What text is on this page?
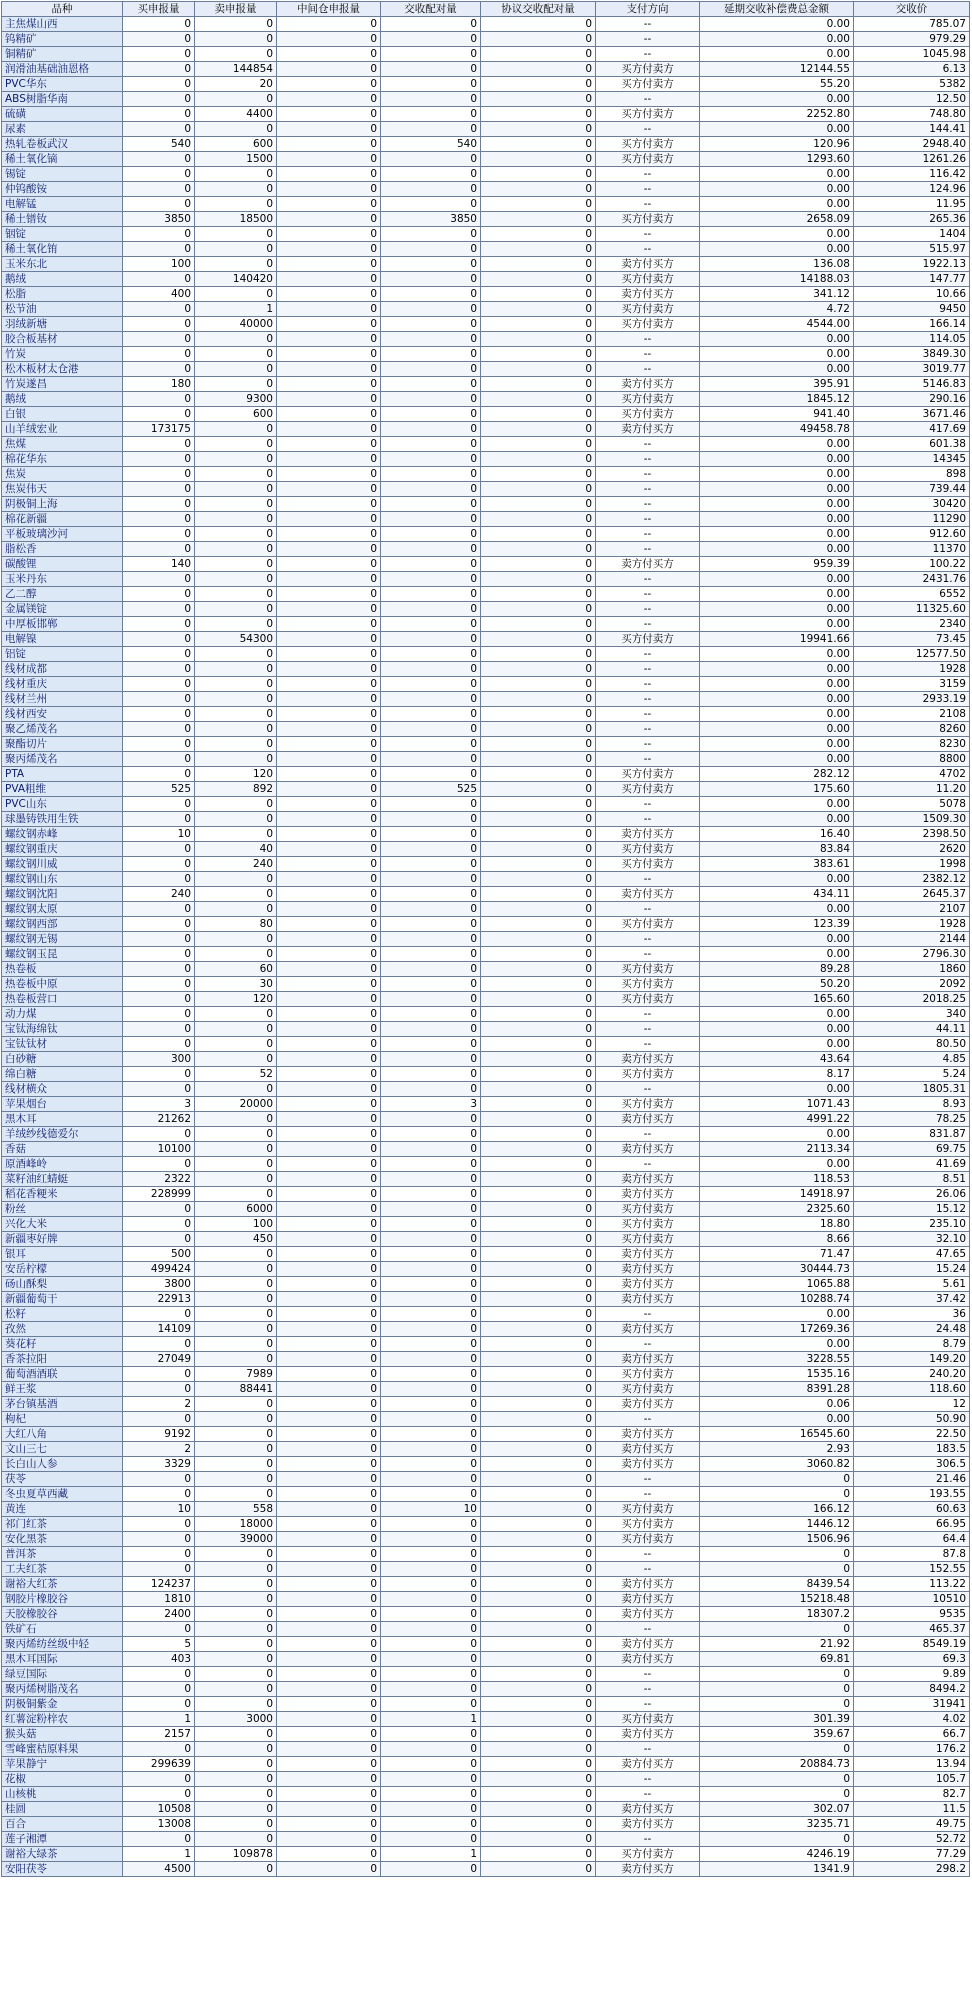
品种	买申报量	卖申报量	中间仓申报量	交收配对量	协议交收配对量	支付方向	延期交收补偿费总金额	交收价
主焦煤山西	0	0	0	0	0	--	0.00	785.07
钨精矿	0	0	0	0	0	--	0.00	979.29
铜精矿	0	0	0	0	0	--	0.00	1045.98
润滑油基础油恩格	0	144854	0	0	0	买方付卖方	12144.55	6.13
PVC华东	0	20	0	0	0	买方付卖方	55.20	5382
ABS树脂华南	0	0	0	0	0	--	0.00	12.50
硫磺	0	4400	0	0	0	买方付卖方	2252.80	748.80
尿素	0	0	0	0	0	--	0.00	144.41
热轧卷板武汉	540	600	0	540	0	买方付卖方	120.96	2948.40
稀土氧化镝	0	1500	0	0	0	买方付卖方	1293.60	1261.26
锡锭	0	0	0	0	0	--	0.00	116.42
仲钨酸铵	0	0	0	0	0	--	0.00	124.96
电解锰	0	0	0	0	0	--	0.00	11.95
稀土镨钕	3850	18500	0	3850	0	买方付卖方	2658.09	265.36
铟锭	0	0	0	0	0	--	0.00	1404
稀土氧化铕	0	0	0	0	0	--	0.00	515.97
玉米东北	100	0	0	0	0	卖方付买方	136.08	1922.13
鹅绒	0	140420	0	0	0	买方付卖方	14188.03	147.77
松脂	400	0	0	0	0	卖方付买方	341.12	10.66
松节油	0	1	0	0	0	买方付卖方	4.72	9450
羽绒新塘	0	40000	0	0	0	买方付卖方	4544.00	166.14
胶合板基材	0	0	0	0	0	--	0.00	114.05
竹炭	0	0	0	0	0	--	0.00	3849.30
松木板材太仓港	0	0	0	0	0	--	0.00	3019.77
竹炭遂昌	180	0	0	0	0	卖方付买方	395.91	5146.83
鹅绒	0	9300	0	0	0	买方付卖方	1845.12	290.16
白银	0	600	0	0	0	买方付卖方	941.40	3671.46
山羊绒宏业	173175	0	0	0	0	卖方付买方	49458.78	417.69
焦煤	0	0	0	0	0	--	0.00	601.38
棉花华东	0	0	0	0	0	--	0.00	14345
焦炭	0	0	0	0	0	--	0.00	898
焦炭伟天	0	0	0	0	0	--	0.00	739.44
阴极铜上海	0	0	0	0	0	--	0.00	30420
棉花新疆	0	0	0	0	0	--	0.00	11290
平板玻璃沙河	0	0	0	0	0	--	0.00	912.60
脂松香	0	0	0	0	0	--	0.00	11370
碳酸锂	140	0	0	0	0	卖方付买方	959.39	100.22
玉米丹东	0	0	0	0	0	--	0.00	2431.76
乙二醇	0	0	0	0	0	--	0.00	6552
金属镁锭	0	0	0	0	0	--	0.00	11325.60
中厚板邯郸	0	0	0	0	0	--	0.00	2340
电解镍	0	54300	0	0	0	买方付卖方	19941.66	73.45
铝锭	0	0	0	0	0	--	0.00	12577.50
线材成都	0	0	0	0	0	--	0.00	1928
线材重庆	0	0	0	0	0	--	0.00	3159
线材兰州	0	0	0	0	0	--	0.00	2933.19
线材西安	0	0	0	0	0	--	0.00	2108
聚乙烯茂名	0	0	0	0	0	--	0.00	8260
聚酯切片	0	0	0	0	0	--	0.00	8230
聚丙烯茂名	0	0	0	0	0	--	0.00	8800
PTA	0	120	0	0	0	买方付卖方	282.12	4702
PVA粗维	525	892	0	525	0	买方付卖方	175.60	11.20
PVC山东	0	0	0	0	0	--	0.00	5078
球墨铸铁用生铁	0	0	0	0	0	--	0.00	1509.30
螺纹钢赤峰	10	0	0	0	0	卖方付买方	16.40	2398.50
螺纹钢重庆	0	40	0	0	0	买方付卖方	83.84	2620
螺纹钢川威	0	240	0	0	0	买方付卖方	383.61	1998
螺纹钢山东	0	0	0	0	0	--	0.00	2382.12
螺纹钢沈阳	240	0	0	0	0	卖方付买方	434.11	2645.37
螺纹钢太原	0	0	0	0	0	--	0.00	2107
螺纹钢西部	0	80	0	0	0	买方付卖方	123.39	1928
螺纹钢无锡	0	0	0	0	0	--	0.00	2144
螺纹钢玉昆	0	0	0	0	0	--	0.00	2796.30
热卷板	0	60	0	0	0	买方付卖方	89.28	1860
热卷板中原	0	30	0	0	0	买方付卖方	50.20	2092
热卷板营口	0	120	0	0	0	买方付卖方	165.60	2018.25
动力煤	0	0	0	0	0	--	0.00	340
宝钛海绵钛	0	0	0	0	0	--	0.00	44.11
宝钛钛材	0	0	0	0	0	--	0.00	80.50
白砂糖	300	0	0	0	0	卖方付买方	43.64	4.85
绵白糖	0	52	0	0	0	买方付卖方	8.17	5.24
线材横众	0	0	0	0	0	--	0.00	1805.31
苹果烟台	3	20000	0	3	0	买方付卖方	1071.43	8.93
黑木耳	21262	0	0	0	0	卖方付买方	4991.22	78.25
羊绒纱线德爱尔	0	0	0	0	0	--	0.00	831.87
香菇	10100	0	0	0	0	卖方付买方	2113.34	69.75
原酒峰岭	0	0	0	0	0	--	0.00	41.69
菜籽油红蜻蜓	2322	0	0	0	0	卖方付买方	118.53	8.51
稻花香粳米	228999	0	0	0	0	卖方付买方	14918.97	26.06
粉丝	0	6000	0	0	0	买方付卖方	2325.60	15.12
兴化大米	0	100	0	0	0	买方付卖方	18.80	235.10
新疆枣好牌	0	450	0	0	0	买方付卖方	8.66	32.10
银耳	500	0	0	0	0	卖方付买方	71.47	47.65
安岳柠檬	499424	0	0	0	0	卖方付买方	30444.73	15.24
砀山酥梨	3800	0	0	0	0	卖方付买方	1065.88	5.61
新疆葡萄干	22913	0	0	0	0	卖方付买方	10288.74	37.42
松籽	0	0	0	0	0	--	0.00	36
孜然	14109	0	0	0	0	卖方付买方	17269.36	24.48
葵花籽	0	0	0	0	0	--	0.00	8.79
香茶拉阳	27049	0	0	0	0	卖方付买方	3228.55	149.20
葡萄酒酒联	0	7989	0	0	0	买方付卖方	1535.16	240.20
鲜王浆	0	88441	0	0	0	买方付卖方	8391.28	118.60
茅台镇基酒	2	0	0	0	0	卖方付买方	0.06	12
枸杞	0	0	0	0	0	--	0.00	50.90
大红八角	9192	0	0	0	0	卖方付买方	16545.60	22.50
文山三七	2	0	0	0	0	卖方付买方	2.93	183.5
长白山人参	3329	0	0	0	0	卖方付买方	3060.82	306.5
茯苓	0	0	0	0	0	--	0	21.46
冬虫夏草西藏	0	0	0	0	0	--	0	193.55
黄连	10	558	0	10	0	买方付卖方	166.12	60.63
祁门红茶	0	18000	0	0	0	买方付卖方	1446.12	66.95
安化黑茶	0	39000	0	0	0	买方付卖方	1506.96	64.4
普洱茶	0	0	0	0	0	--	0	87.8
工夫红茶	0	0	0	0	0	--	0	152.55
谢裕大红茶	124237	0	0	0	0	卖方付买方	8439.54	113.22
钢胶片橡胶谷	1810	0	0	0	0	卖方付买方	15218.48	10510
天胶橡胶谷	2400	0	0	0	0	卖方付买方	18307.2	9535
铁矿石	0	0	0	0	0	--	0	465.37
聚丙烯纺丝级中轻	5	0	0	0	0	卖方付买方	21.92	8549.19
黑木耳国际	403	0	0	0	0	卖方付买方	69.81	69.3
绿豆国际	0	0	0	0	0	--	0	9.89
聚丙烯树脂茂名	0	0	0	0	0	--	0	8494.2
阴极铜紫金	0	0	0	0	0	--	0	31941
红薯淀粉梓农	1	3000	0	1	0	买方付卖方	301.39	4.02
猴头菇	2157	0	0	0	0	卖方付买方	359.67	66.7
雪峰蜜桔原料果	0	0	0	0	0	--	0	176.2
苹果静宁	299639	0	0	0	0	卖方付买方	20884.73	13.94
花椒	0	0	0	0	0	--	0	105.7
山核桃	0	0	0	0	0	--	0	82.7
桂圆	10508	0	0	0	0	卖方付买方	302.07	11.5
百合	13008	0	0	0	0	卖方付买方	3235.71	49.75
莲子湘潭	0	0	0	0	0	--	0	52.72
谢裕大绿茶	1	109878	0	1	0	买方付卖方	4246.19	77.29
安阳茯苓	4500	0	0	0	0	卖方付买方	1341.9	298.2
